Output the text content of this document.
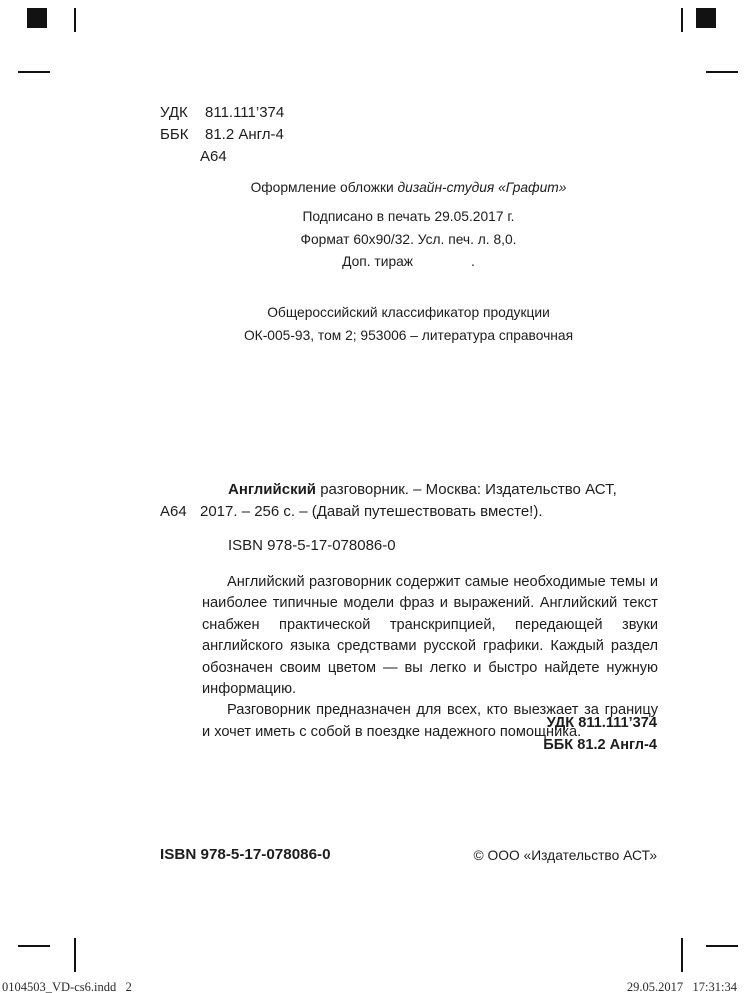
УДК 811.111’374
ББК 81.2 Англ-4
А64
Оформление обложки дизайн-студия «Графит»
Подписано в печать 29.05.2017 г.
Формат 60х90/32. Усл. печ. л. 8,0.
Доп. тираж	.
Общероссийский классификатор продукции
ОК-005-93, том 2; 953006 – литература справочная
Английский разговорник. – Москва: Издательство АСТ,
А64 2017. – 256 с. – (Давай путешествовать вместе!).
ISBN 978-5-17-078086-0

Английский разговорник содержит самые необходимые темы и наиболее типичные модели фраз и выражений. Английский текст снабжен практической транскрипцией, передающей звуки английского языка средствами русской графики. Каждый раздел обозначен своим цветом — вы легко и быстро найдете нужную информацию.

Разговорник предназначен для всех, кто выезжает за границу и хочет иметь с собой в поездке надежного помощника.

УДК 811.111’374
ББК 81.2 Англ-4
ISBN 978-5-17-078086-0	© ООО «Издательство АСТ»
0104503_VD-cs6.indd   2	29.05.2017   17:31:34
